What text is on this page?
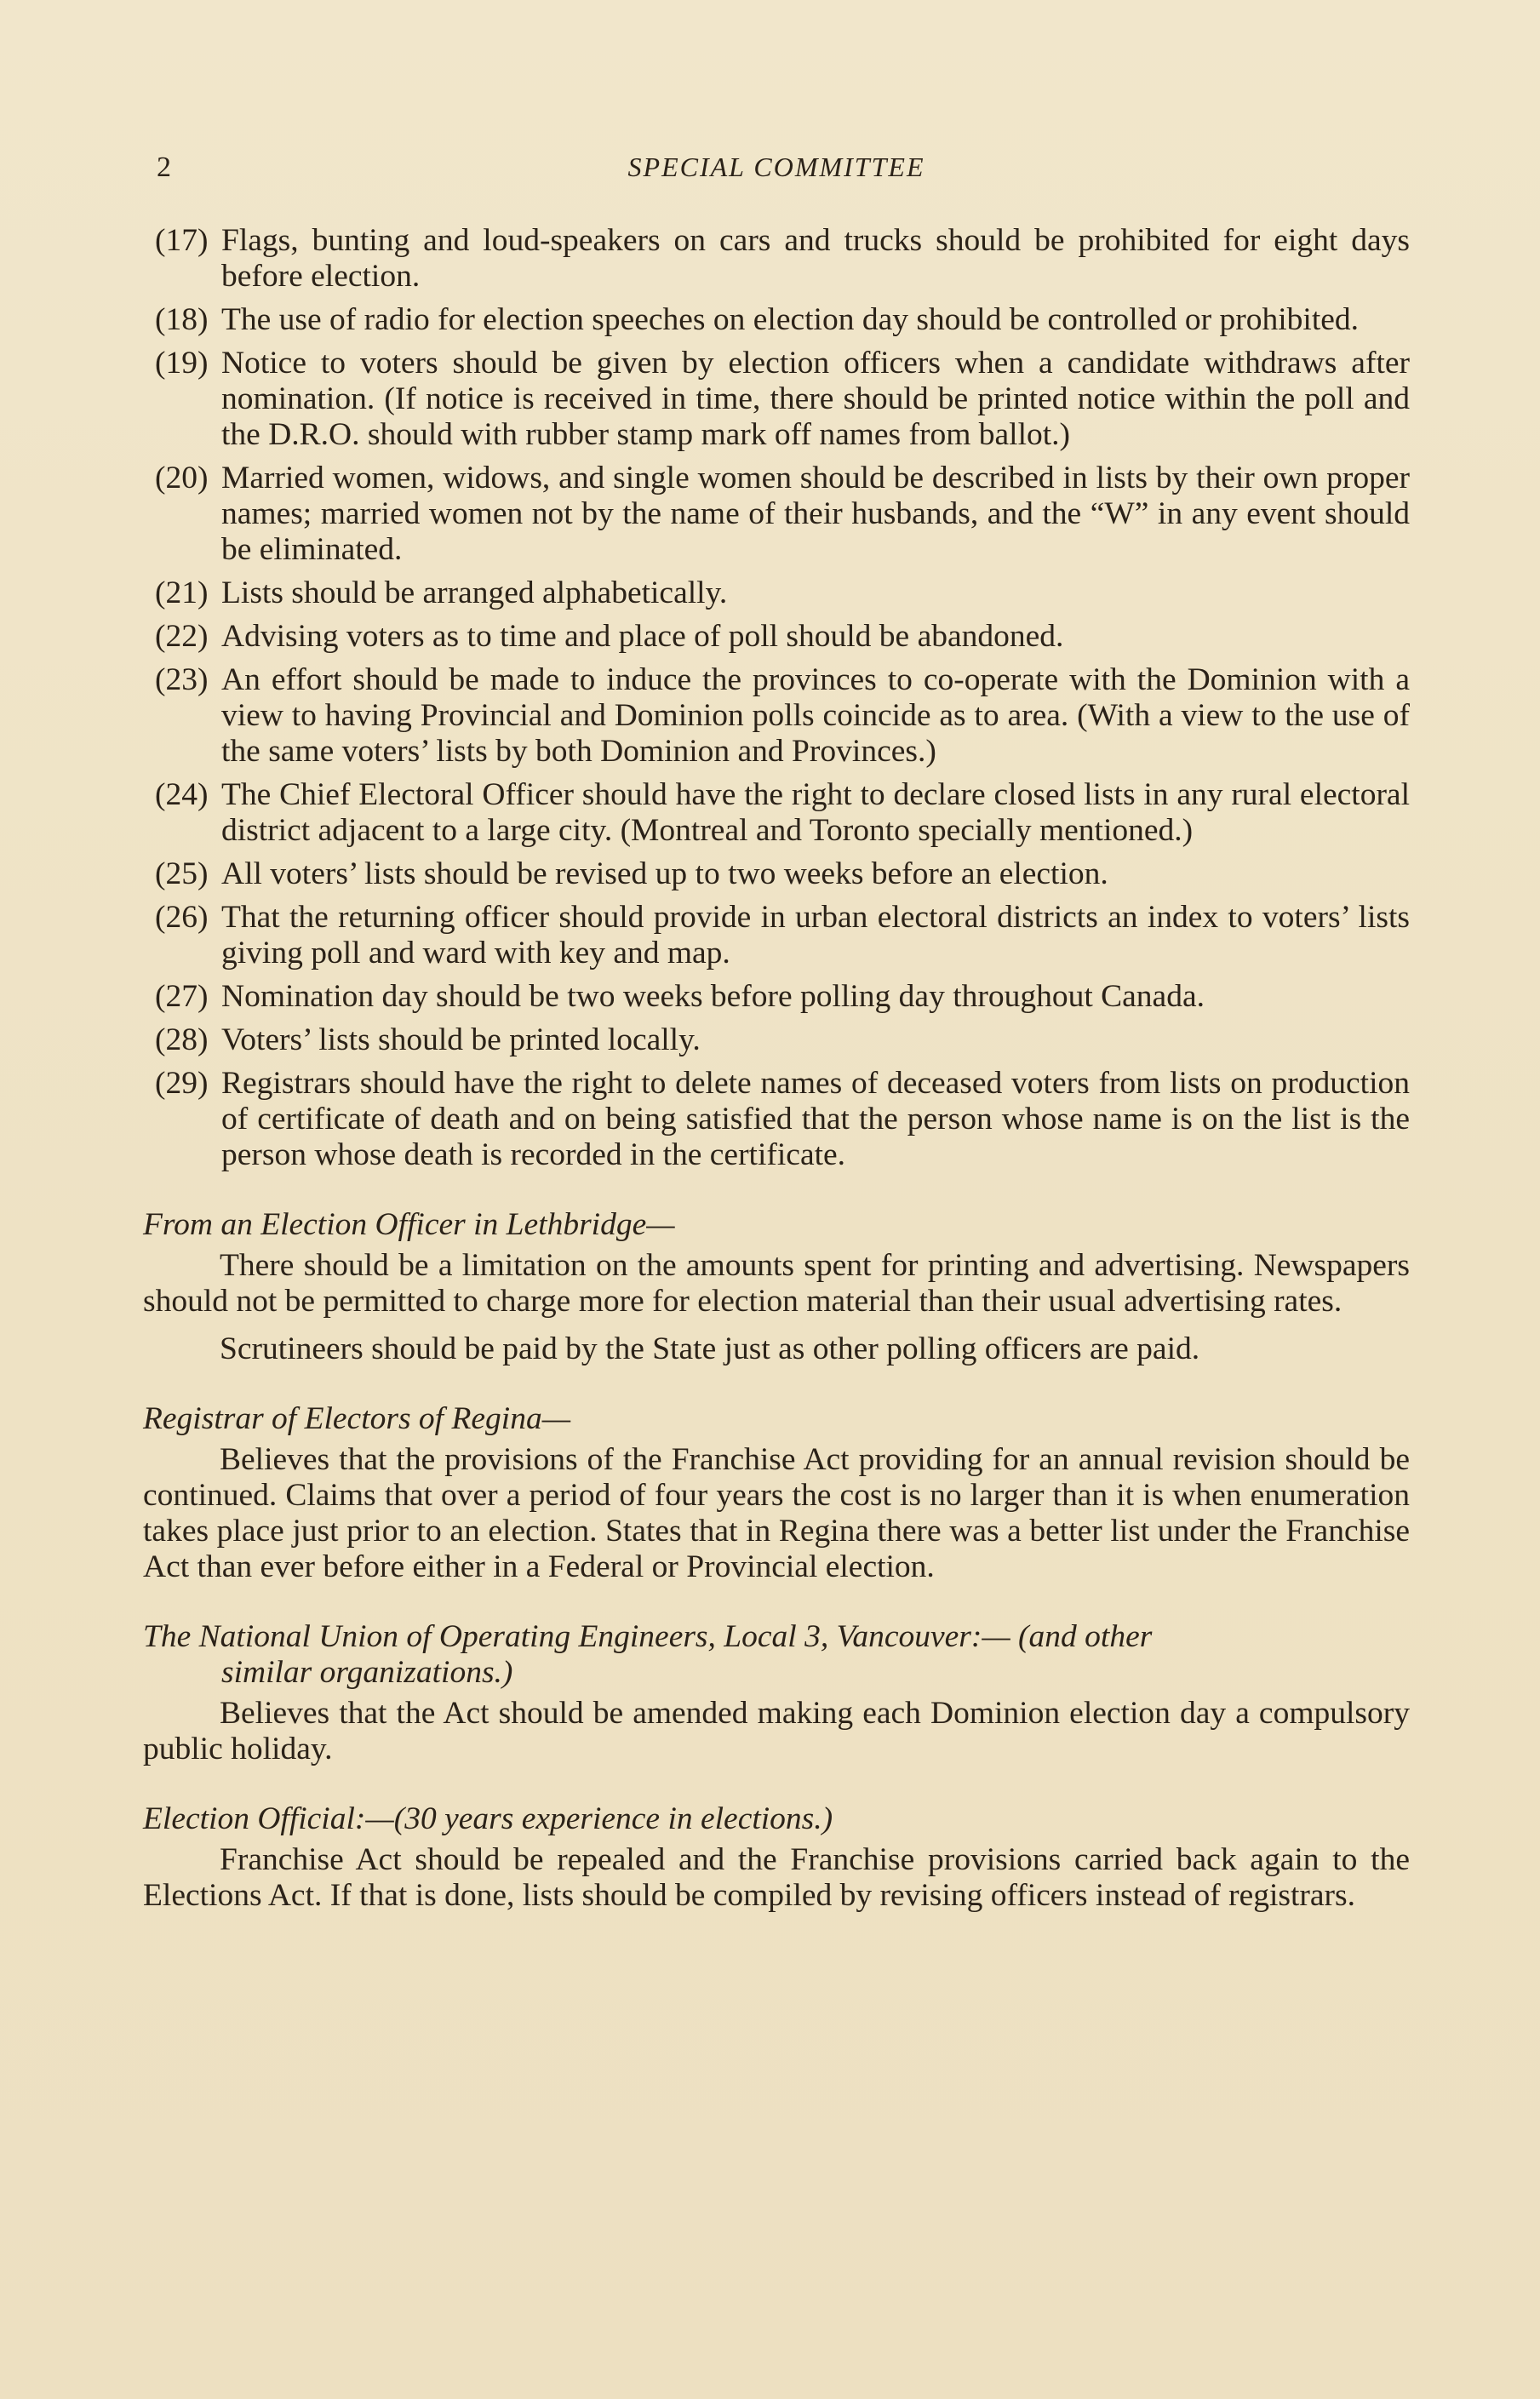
2	SPECIAL COMMITTEE
(17) Flags, bunting and loud-speakers on cars and trucks should be prohibited for eight days before election.
(18) The use of radio for election speeches on election day should be controlled or prohibited.
(19) Notice to voters should be given by election officers when a candidate withdraws after nomination. (If notice is received in time, there should be printed notice within the poll and the D.R.O. should with rubber stamp mark off names from ballot.)
(20) Married women, widows, and single women should be described in lists by their own proper names; married women not by the name of their husbands, and the “W” in any event should be eliminated.
(21) Lists should be arranged alphabetically.
(22) Advising voters as to time and place of poll should be abandoned.
(23) An effort should be made to induce the provinces to co-operate with the Dominion with a view to having Provincial and Dominion polls coincide as to area. (With a view to the use of the same voters’ lists by both Dominion and Provinces.)
(24) The Chief Electoral Officer should have the right to declare closed lists in any rural electoral district adjacent to a large city. (Montreal and Toronto specially mentioned.)
(25) All voters’ lists should be revised up to two weeks before an election.
(26) That the returning officer should provide in urban electoral districts an index to voters’ lists giving poll and ward with key and map.
(27) Nomination day should be two weeks before polling day throughout Canada.
(28) Voters’ lists should be printed locally.
(29) Registrars should have the right to delete names of deceased voters from lists on production of certificate of death and on being satisfied that the person whose name is on the list is the person whose death is recorded in the certificate.
From an Election Officer in Lethbridge—

There should be a limitation on the amounts spent for printing and advertising. Newspapers should not be permitted to charge more for election material than their usual advertising rates.

Scrutineers should be paid by the State just as other polling officers are paid.

Registrar of Electors of Regina—

Believes that the provisions of the Franchise Act providing for an annual revision should be continued. Claims that over a period of four years the cost is no larger than it is when enumeration takes place just prior to an election. States that in Regina there was a better list under the Franchise Act than ever before either in a Federal or Provincial election.

The National Union of Operating Engineers, Local 3, Vancouver:— (and other
similar organizations.)

Believes that the Act should be amended making each Dominion election day a compulsory public holiday.

Election Official:—(30 years experience in elections.)

Franchise Act should be repealed and the Franchise provisions carried back again to the Elections Act. If that is done, lists should be compiled by revising officers instead of registrars.
